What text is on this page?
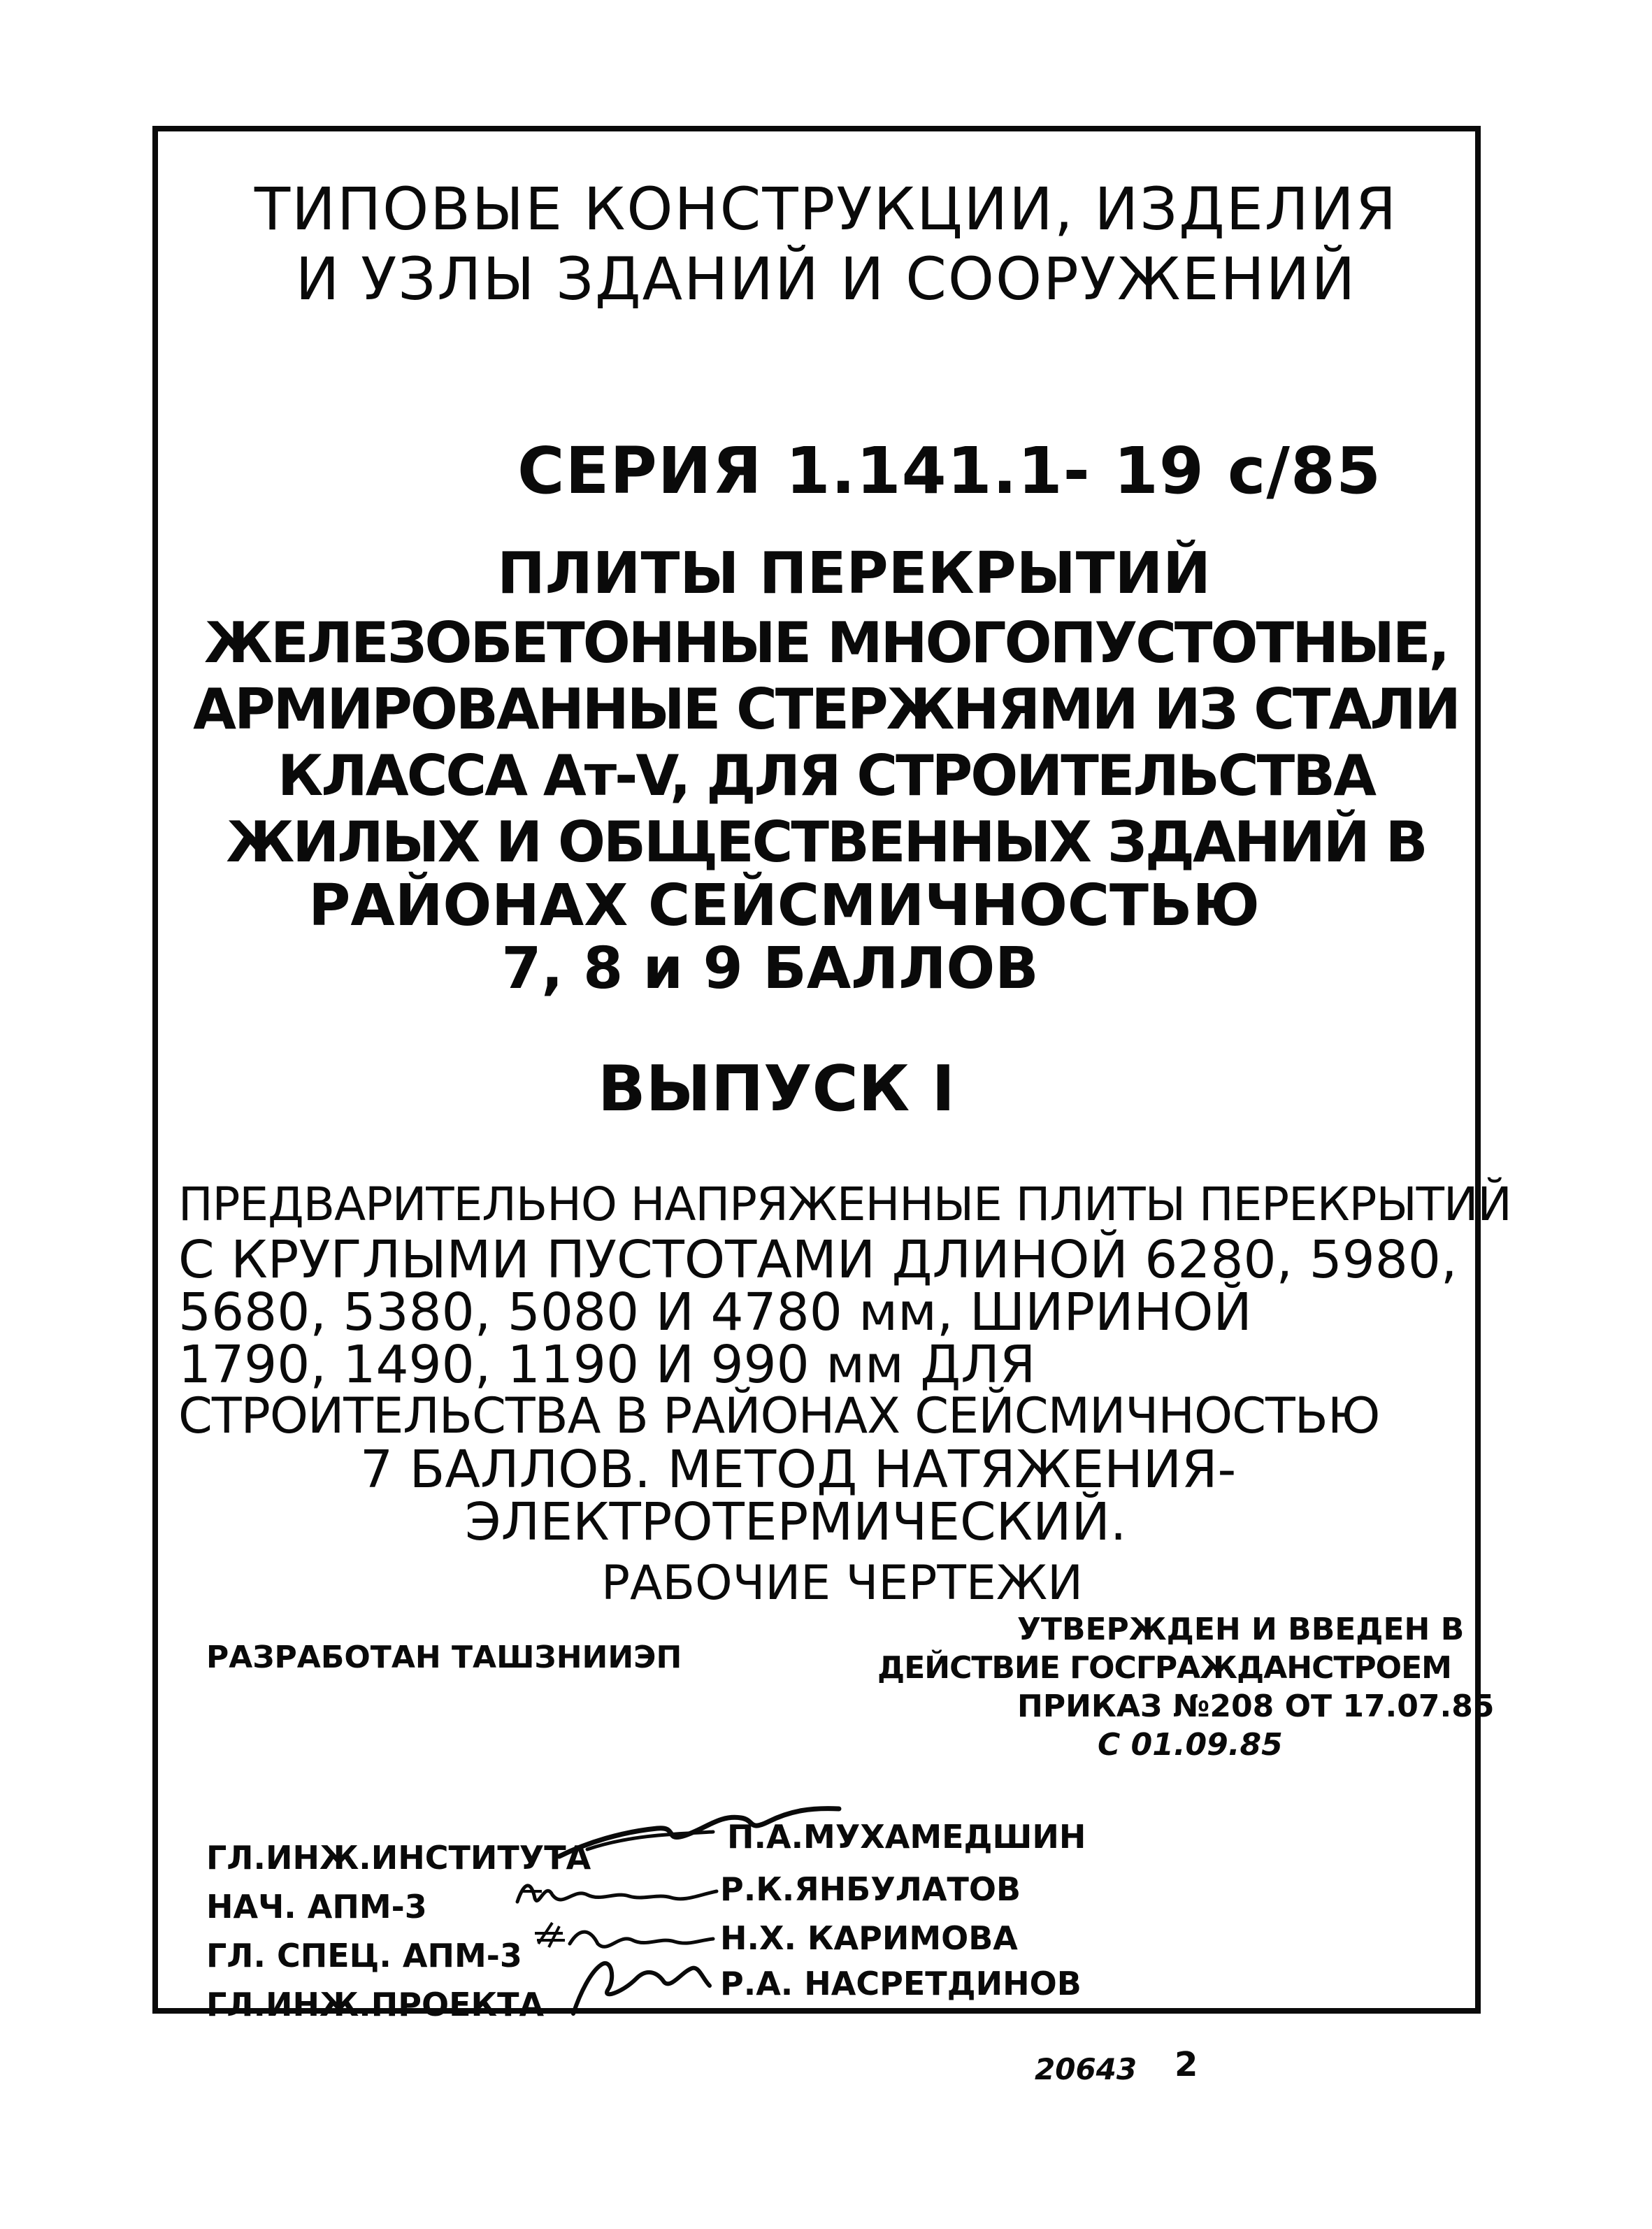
ТИПОВЫЕ КОНСТРУКЦИИ, ИЗДЕЛИЯ
И УЗЛЫ ЗДАНИЙ И СООРУЖЕНИЙ
СЕРИЯ 1.141.1- 19 с/85
ПЛИТЫ ПЕРЕКРЫТИЙ
ЖЕЛЕЗОБЕТОННЫЕ МНОГОПУСТОТНЫЕ,
АРМИРОВАННЫЕ СТЕРЖНЯМИ ИЗ СТАЛИ
КЛАССА Ат-V, ДЛЯ СТРОИТЕЛЬСТВА
ЖИЛЫХ И ОБЩЕСТВЕННЫХ ЗДАНИЙ В
РАЙОНАХ СЕЙСМИЧНОСТЬЮ
7, 8 и 9 БАЛЛОВ
ВЫПУСК I
ПРЕДВАРИТЕЛЬНО НАПРЯЖЕННЫЕ ПЛИТЫ ПЕРЕКРЫТИЙ
С КРУГЛЫМИ ПУСТОТАМИ ДЛИНОЙ 6280, 5980,
5680, 5380, 5080 И 4780 мм, ШИРИНОЙ
1790, 1490, 1190 И 990 мм ДЛЯ
СТРОИТЕЛЬСТВА В РАЙОНАХ СЕЙСМИЧНОСТЬЮ
7 БАЛЛОВ. МЕТОД НАТЯЖЕНИЯ-
ЭЛЕКТРОТЕРМИЧЕСКИЙ.
РАБОЧИЕ ЧЕРТЕЖИ
РАЗРАБОТАН ТАШЗНИИЭП
УТВЕРЖДЕН И ВВЕДЕН В
ДЕЙСТВИЕ ГОСГРАЖДАНСТРОЕМ
ПРИКАЗ №208 ОТ 17.07.85
С 01.09.85
ГЛ.ИНЖ.ИНСТИТУТА
П.А.МУХАМЕДШИН
НАЧ. АПМ-3	Р.К.ЯНБУЛАТОВ
ГЛ. СПЕЦ. АПМ-3	Н.Х. КАРИМОВА
ГЛ.ИНЖ.ПРОЕКТА
Р.А. НАСРЕТДИНОВ
20643 2
